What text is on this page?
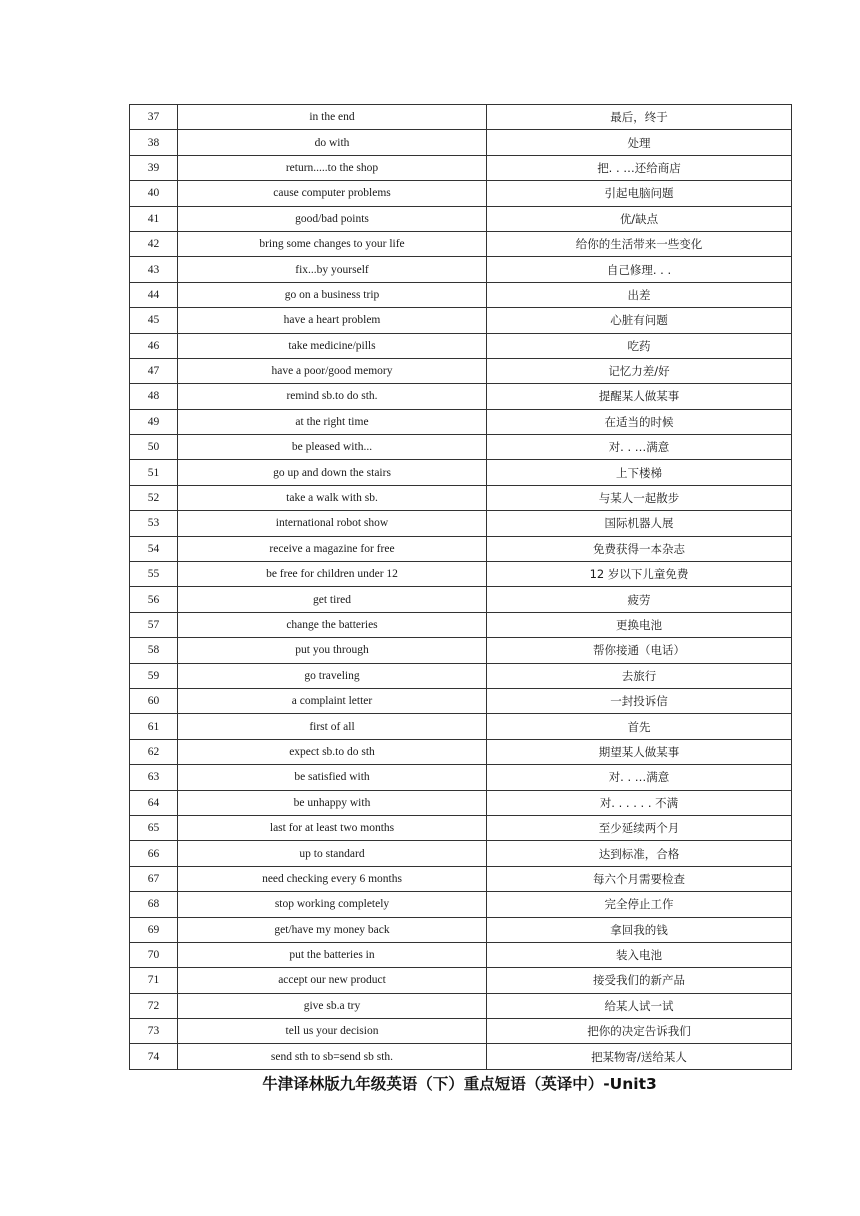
37	in the end	最后，终于
38	do with	处理
39	return.....to the shop	把. . …还给商店
40	cause computer problems	引起电脑问题
41	good/bad points	优/缺点
42	bring some changes to your life	给你的生活带来一些变化
43	fix...by yourself	自己修理. . .
44	go on a business trip	出差
45	have a heart problem	心脏有问题
46	take medicine/pills	吃药
47	have a poor/good memory	记忆力差/好
48	remind sb.to do sth.	提醒某人做某事
49	at the right time	在适当的时候
50	be pleased with...	对. . …满意
51	go up and down the stairs	上下楼梯
52	take a walk with sb.	与某人一起散步
53	international robot show	国际机器人展
54	receive a magazine for free	免费获得一本杂志
55	be free for children under 12	12 岁以下儿童免费
56	get tired	疲劳
57	change the batteries	更换电池
58	put you through	帮你接通（电话）
59	go traveling	去旅行
60	a complaint letter	一封投诉信
61	first of all	首先
62	expect sb.to do sth	期望某人做某事
63	be satisfied with	对. . …满意
64	be unhappy with	对. . . . . . 不满
65	last for at least two months	至少延续两个月
66	up to standard	达到标准，合格
67	need checking every 6 months	每六个月需要检查
68	stop working completely	完全停止工作
69	get/have my money back	拿回我的钱
70	put the batteries in	装入电池
71	accept our new product	接受我们的新产品
72	give sb.a try	给某人试一试
73	tell us your decision	把你的决定告诉我们
74	send sth to sb=send sb sth.	把某物寄/送给某人
牛津译林版九年级英语（下）重点短语（英译中）-Unit3
